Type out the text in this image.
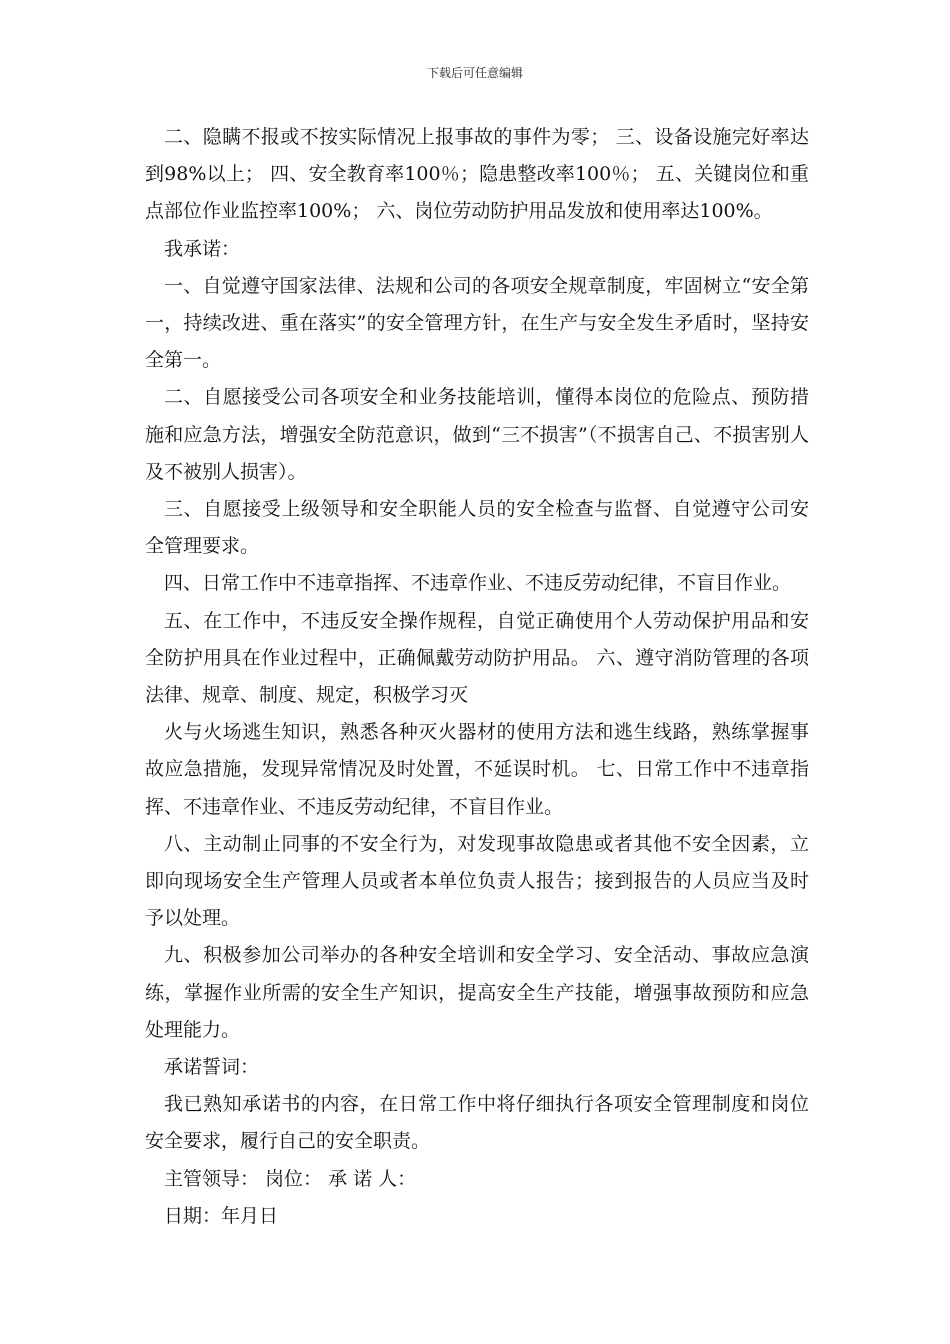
下载后可任意编辑

二、隐瞒不报或不按实际情况上报事故的事件为零； 三、设备设施完好率达到98%以上； 四、安全教育率100％；隐患整改率100％； 五、关键岗位和重点部位作业监控率100%； 六、岗位劳动防护用品发放和使用率达100%。

我承诺：

一、自觉遵守国家法律、法规和公司的各项安全规章制度，牢固树立“安全第一，持续改进、重在落实”的安全管理方针，在生产与安全发生矛盾时，坚持安全第一。

二、自愿接受公司各项安全和业务技能培训，懂得本岗位的危险点、预防措施和应急方法，增强安全防范意识，做到“三不损害”（不损害自己、不损害别人及不被别人损害）。

三、自愿接受上级领导和安全职能人员的安全检查与监督、自觉遵守公司安全管理要求。

四、日常工作中不违章指挥、不违章作业、不违反劳动纪律，不盲目作业。

五、在工作中，不违反安全操作规程，自觉正确使用个人劳动保护用品和安全防护用具在作业过程中，正确佩戴劳动防护用品。 六、遵守消防管理的各项法律、规章、制度、规定，积极学习灭

火与火场逃生知识，熟悉各种灭火器材的使用方法和逃生线路，熟练掌握事故应急措施，发现异常情况及时处置，不延误时机。 七、日常工作中不违章指挥、不违章作业、不违反劳动纪律，不盲目作业。

八、主动制止同事的不安全行为，对发现事故隐患或者其他不安全因素，立即向现场安全生产管理人员或者本单位负责人报告；接到报告的人员应当及时予以处理。

九、积极参加公司举办的各种安全培训和安全学习、安全活动、事故应急演练，掌握作业所需的安全生产知识，提高安全生产技能，增强事故预防和应急处理能力。

承诺誓词：

我已熟知承诺书的内容，在日常工作中将仔细执行各项安全管理制度和岗位安全要求，履行自己的安全职责。

主管领导： 岗位： 承 诺 人：

日期：年月日
